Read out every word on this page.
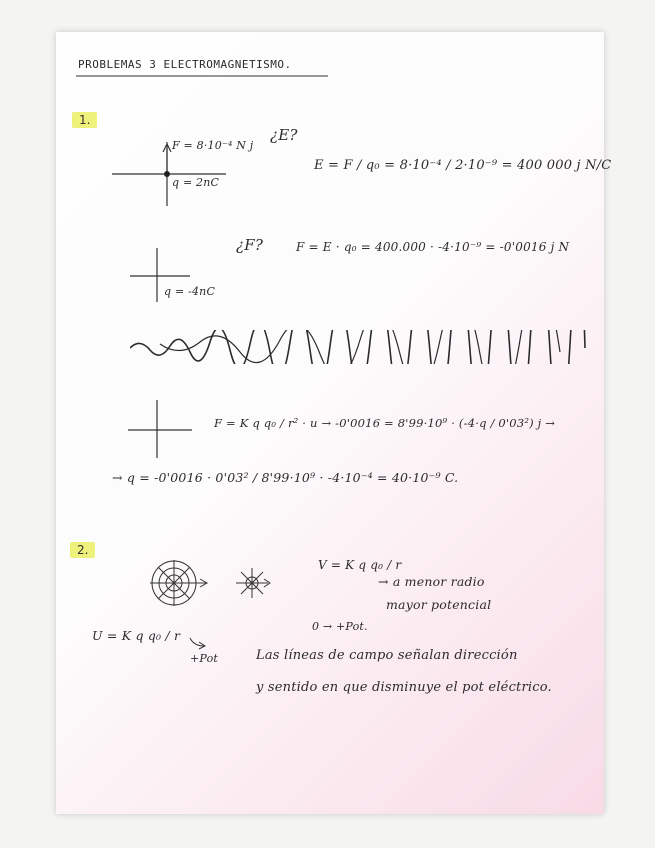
PROBLEMAS 3 ELECTROMAGNETISMO.
1.
F = 8·10⁻⁴ N j
q = 2nC
¿E?
E = F / q₀ = 8·10⁻⁴ / 2·10⁻⁹ = 400 000 j N/C
¿F?	F = E · q₀ = 400.000 · -4·10⁻⁹ = -0'0016 j N
q = -4nC
F = K q q₀ / r² · u → -0'0016 = 8'99·10⁹ · (-4·q / 0'03²) j →
→ q = -0'0016 · 0'03² / 8'99·10⁹ · -4·10⁻⁴ = 40·10⁻⁹ C.
2.
V = K q q₀ / r
→ a menor radio
mayor potencial
U = K q q₀ / r
0 → +Pot.
+Pot	Las líneas de campo señalan dirección
y sentido en que disminuye el pot eléctrico.
